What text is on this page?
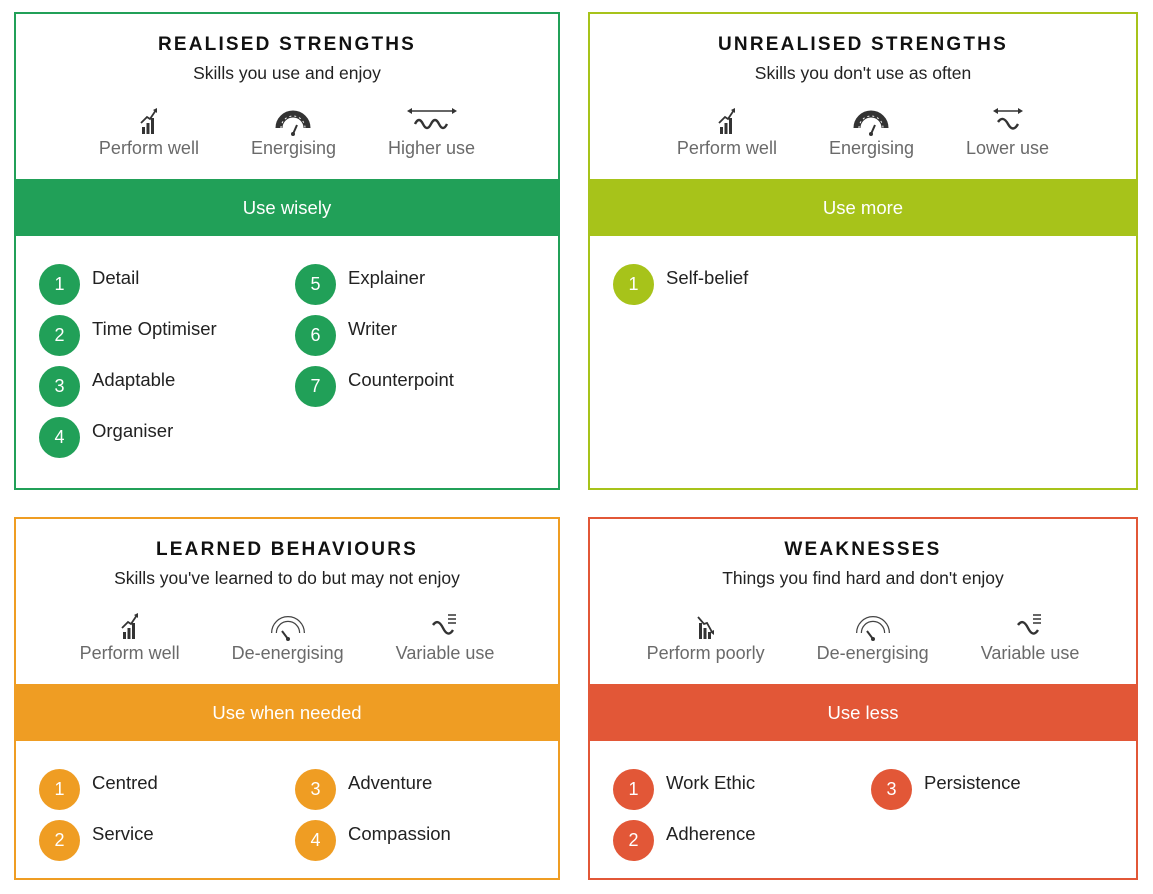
REALISED STRENGTHS
Skills you use and enjoy
Perform well	Energising	Higher use
Use wisely
1	Detail
2	Time Optimiser
3	Adaptable
4	Organiser
5	Explainer
6	Writer
7	Counterpoint
UNREALISED STRENGTHS
Skills you don't use as often
Perform well	Energising	Lower use
Use more
1	Self-belief
LEARNED BEHAVIOURS
Skills you've learned to do but may not enjoy
Perform well	De-energising	Variable use
Use when needed
1	Centred
2	Service
3	Adventure
4	Compassion
WEAKNESSES
Things you find hard and don't enjoy
Perform poorly	De-energising	Variable use
Use less
1	Work Ethic
2	Adherence
3	Persistence
